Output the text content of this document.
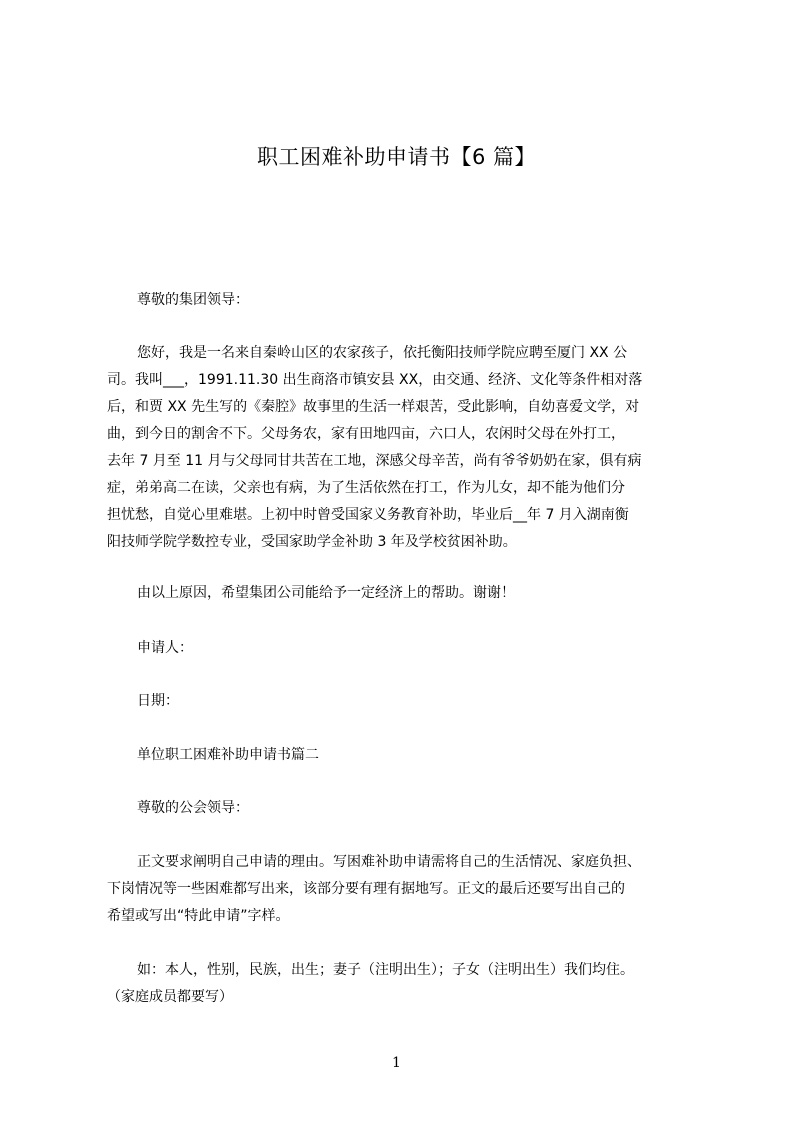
职工困难补助申请书【6 篇】
尊敬的集团领导：
您好，我是一名来自秦岭山区的农家孩子，依托衡阳技师学院应聘至厦门 XX 公
司。我叫___，1991.11.30 出生商洛市镇安县 XX，由交通、经济、文化等条件相对落
后，和贾 XX 先生写的《秦腔》故事里的生活一样艰苦，受此影响，自幼喜爱文学，对
曲，到今日的割舍不下。父母务农，家有田地四亩，六口人，农闲时父母在外打工，
去年 7 月至 11 月与父母同甘共苦在工地，深感父母辛苦，尚有爷爷奶奶在家，俱有病
症，弟弟高二在读，父亲也有病，为了生活依然在打工，作为儿女，却不能为他们分
担忧愁，自觉心里难堪。上初中时曾受国家义务教育补助，毕业后__年 7 月入湖南衡
阳技师学院学数控专业，受国家助学金补助 3 年及学校贫困补助。
由以上原因，希望集团公司能给予一定经济上的帮助。谢谢！
申请人：
日期：
单位职工困难补助申请书篇二
尊敬的公会领导：
正文要求阐明自己申请的理由。写困难补助申请需将自己的生活情况、家庭负担、
下岗情况等一些困难都写出来，该部分要有理有据地写。正文的最后还要写出自己的
希望或写出“特此申请”字样。
如：本人，性别，民族，出生；妻子（注明出生）；子女（注明出生）我们均住。
（家庭成员都要写）
1
